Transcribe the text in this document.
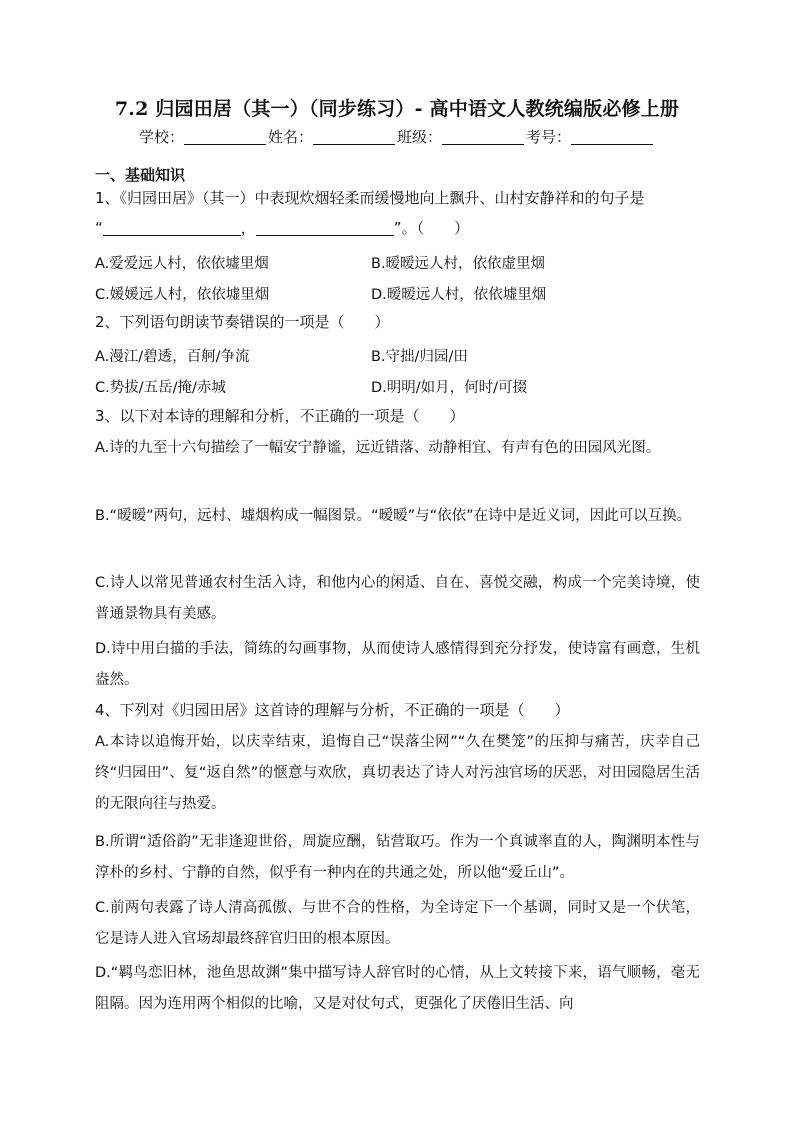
7.2 归园田居（其一）（同步练习）- 高中语文人教统编版必修上册
学校：	姓名：	班级：	考号：
一、基础知识
1、《归园田居》（其一）中表现炊烟轻柔而缓慢地向上飘升、山村安静祥和的句子是
“	，	”。（　　）
A.爱爱远人村，依依墟里烟	B.暧暧远人村，依依虚里烟
C.媛媛远人村，依依墟里烟	D.暧暧远人村，依依墟里烟
2、下列语句朗读节奏错误的一项是（　　）
A.漫江/碧透，百舸/争流	B.守拙/归园/田
C.势拔/五岳/掩/赤城	D.明明/如月，何时/可掇
3、以下对本诗的理解和分析，不正确的一项是（　　）
A.诗的九至十六句描绘了一幅安宁静谧，远近错落、动静相宜、有声有色的田园风光图。
B.“暧暧”两句，远村、墟烟构成一幅图景。“暧暧”与“依依”在诗中是近义词，因此可以互换。
C.诗人以常见普通农村生活入诗，和他内心的闲适、自在、喜悦交融，构成一个完美诗境，使普通景物具有美感。
D.诗中用白描的手法，简练的勾画事物，从而使诗人感情得到充分抒发，使诗富有画意，生机盎然。
4、下列对《归园田居》这首诗的理解与分析，不正确的一项是（　　）
A.本诗以追悔开始，以庆幸结束，追悔自己“误落尘网”“久在樊笼”的压抑与痛苦，庆幸自己终“归园田”、复“返自然”的惬意与欢欣，真切表达了诗人对污浊官场的厌恶，对田园隐居生活的无限向往与热爱。
B.所谓“适俗韵”无非逢迎世俗，周旋应酬，钻营取巧。作为一个真诚率直的人，陶渊明本性与淳朴的乡村、宁静的自然，似乎有一种内在的共通之处，所以他“爱丘山”。
C.前两句表露了诗人清高孤傲、与世不合的性格，为全诗定下一个基调，同时又是一个伏笔，它是诗人进入官场却最终辞官归田的根本原因。
D.“羁鸟恋旧林，池鱼思故渊”集中描写诗人辞官时的心情，从上文转接下来，语气顺畅，毫无阻隔。因为连用两个相似的比喻，又是对仗句式，更强化了厌倦旧生活、向
